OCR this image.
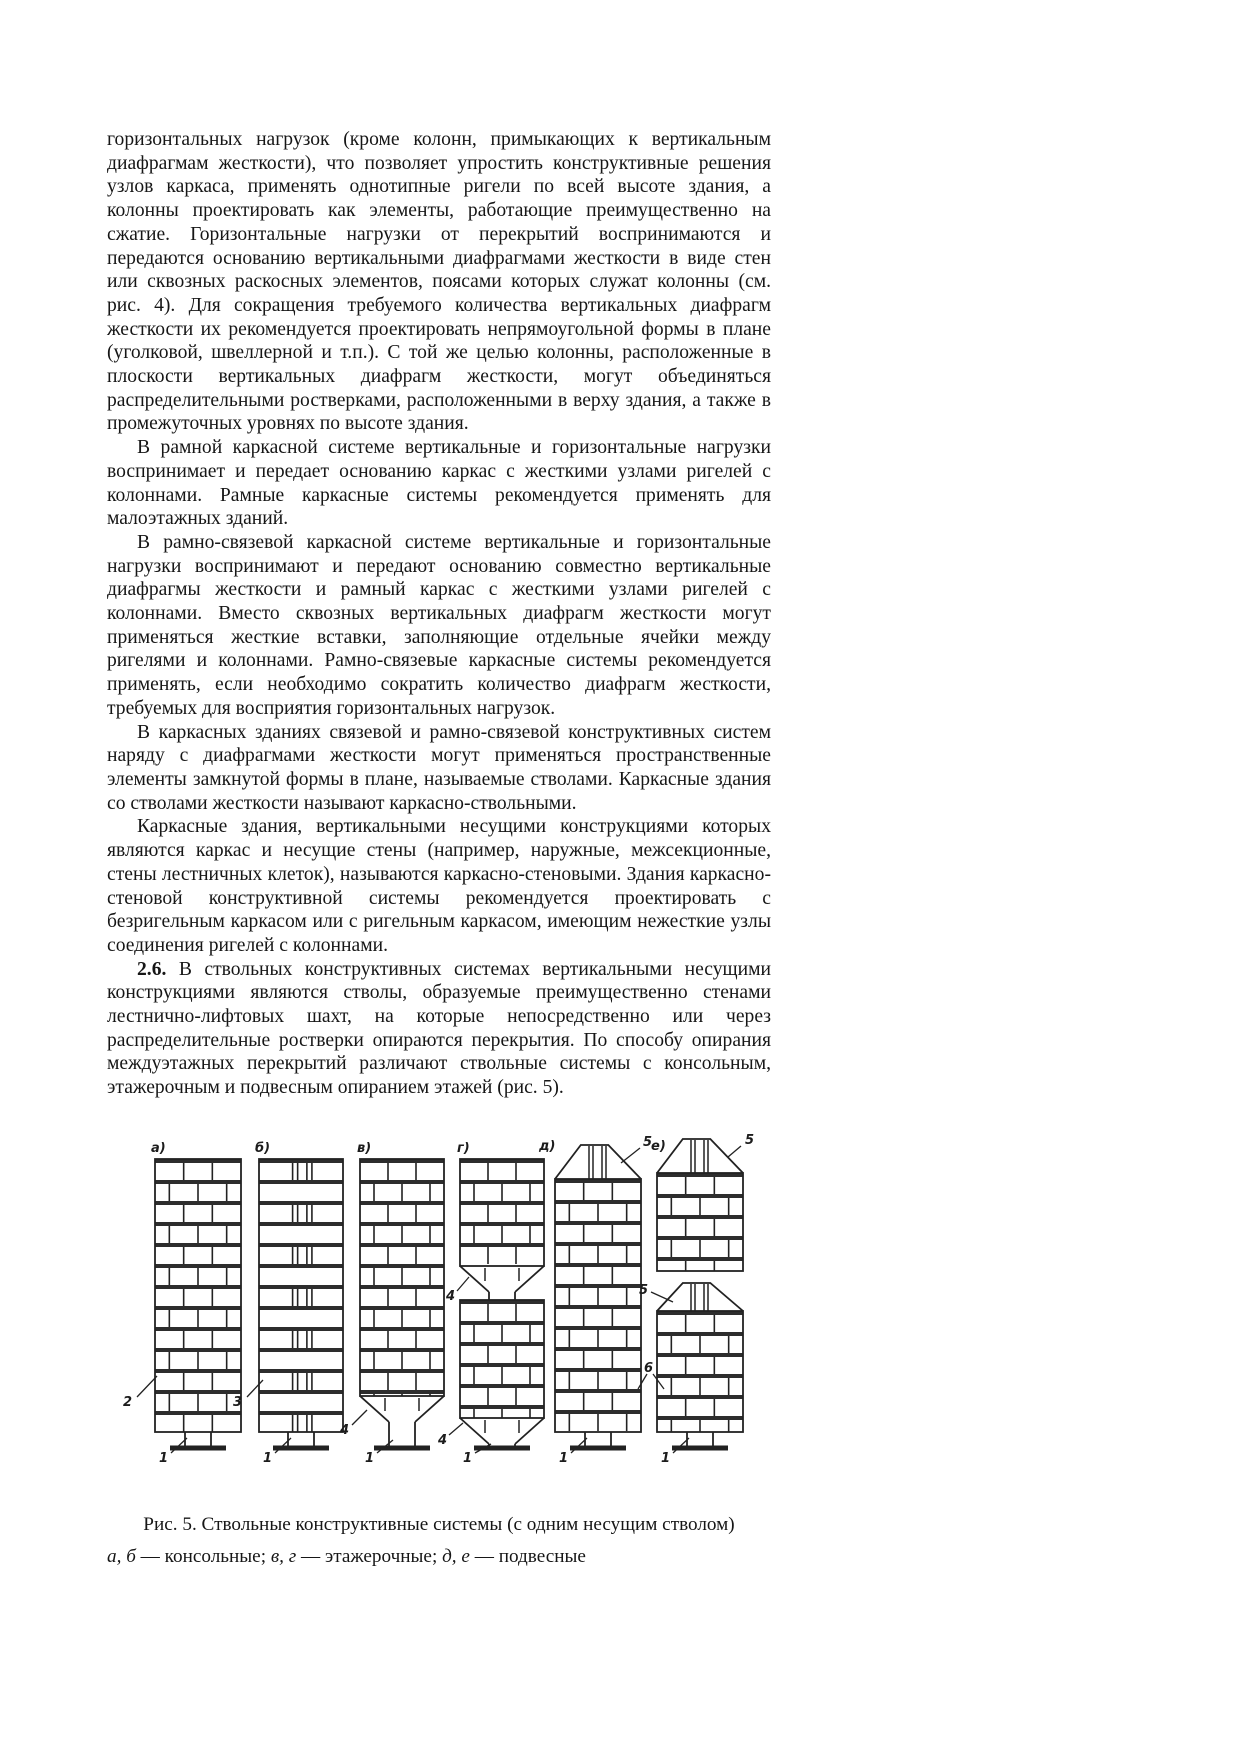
горизонтальных нагрузок (кроме колонн, примыкающих к вертикальным диафрагмам жесткости), что позволяет упростить конструктивные решения узлов каркаса, применять однотипные ригели по всей высоте здания, а колонны проектировать как элементы, работающие преимущественно на сжатие. Горизонтальные нагрузки от перекрытий воспринимаются и передаются основанию вертикальными диафрагмами жесткости в виде стен или сквозных раскосных элементов, поясами которых служат колонны (см. рис. 4). Для сокращения требуемого количества вертикальных диафрагм жесткости их рекомендуется проектировать непрямоугольной формы в плане (уголковой, швеллерной и т.п.). С той же целью колонны, расположенные в плоскости вертикальных диафрагм жесткости, могут объединяться распределительными ростверками, расположенными в верху здания, а также в промежуточных уровнях по высоте здания.

В рамной каркасной системе вертикальные и горизонтальные нагрузки воспринимает и передает основанию каркас с жесткими узлами ригелей с колоннами. Рамные каркасные системы рекомендуется применять для малоэтажных зданий.

В рамно-связевой каркасной системе вертикальные и горизонтальные нагрузки воспринимают и передают основанию совместно вертикальные диафрагмы жесткости и рамный каркас с жесткими узлами ригелей с колоннами. Вместо сквозных вертикальных диафрагм жесткости могут применяться жесткие вставки, заполняющие отдельные ячейки между ригелями и колоннами. Рамно-связевые каркасные системы рекомендуется применять, если необходимо сократить количество диафрагм жесткости, требуемых для восприятия горизонтальных нагрузок.

В каркасных зданиях связевой и рамно-связевой конструктивных систем наряду с диафрагмами жесткости могут применяться пространственные элементы замкнутой формы в плане, называемые стволами. Каркасные здания со стволами жесткости называют каркасно-ствольными.

Каркасные здания, вертикальными несущими конструкциями которых являются каркас и несущие стены (например, наружные, межсекционные, стены лестничных клеток), называются каркасно-стеновыми. Здания каркасно-стеновой конструктивной системы рекомендуется проектировать с безригельным каркасом или с ригельным каркасом, имеющим нежесткие узлы соединения ригелей с колоннами.

2.6. В ствольных конструктивных системах вертикальными несущими конструкциями являются стволы, образуемые преимущественно стенами лестнично-лифтовых шахт, на которые непосредственно или через распределительные ростверки опираются перекрытия. По способу опирания междуэтажных перекрытий различают ствольные системы с консольным, этажерочным и подвесным опиранием этажей (рис. 5).

а)	б)	в)	г)	д)	е)
2	3
1	1	1	1	1	1
4
4
4
5	5
5
6
Рис. 5. Ствольные конструктивные системы (с одним несущим стволом)
а, б — консольные; в, г — этажерочные; д, е — подвесные
